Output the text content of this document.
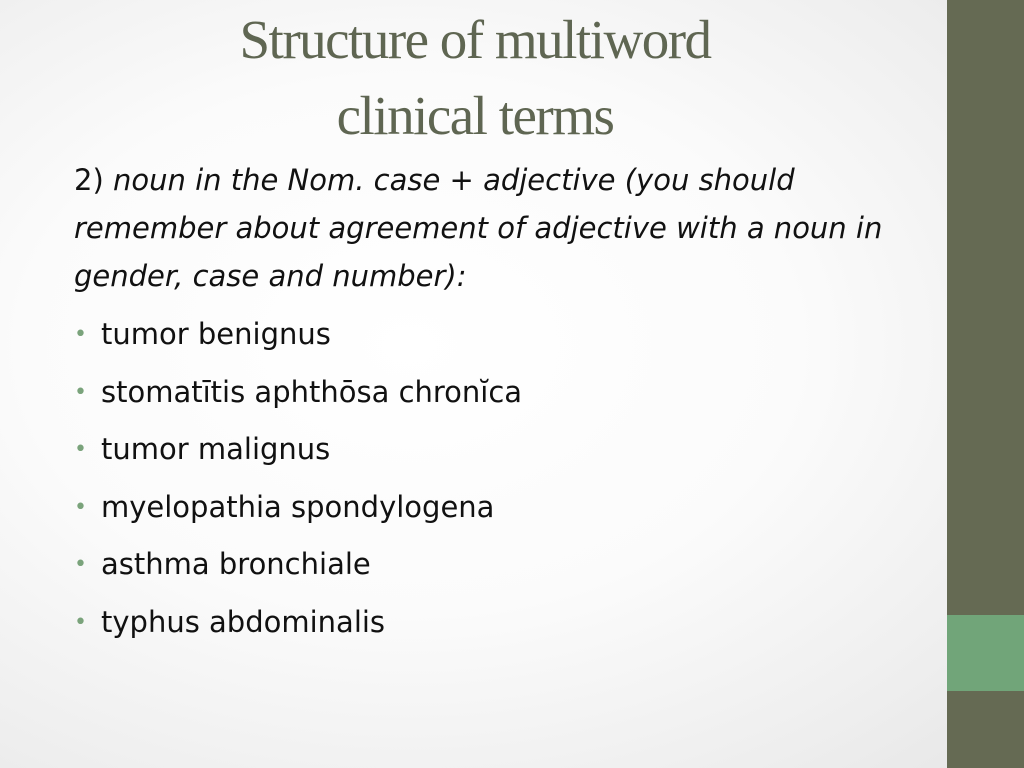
Structure of multiword
clinical terms

2) noun in the Nom. case + adjective (you should remember about agreement of adjective with a noun in gender, case and number):

• tumor benignus
• stomatītis aphthōsa chronĭca
• tumor malignus
• myelopathia spondylogena
• asthma bronchiale
• typhus abdominalis
